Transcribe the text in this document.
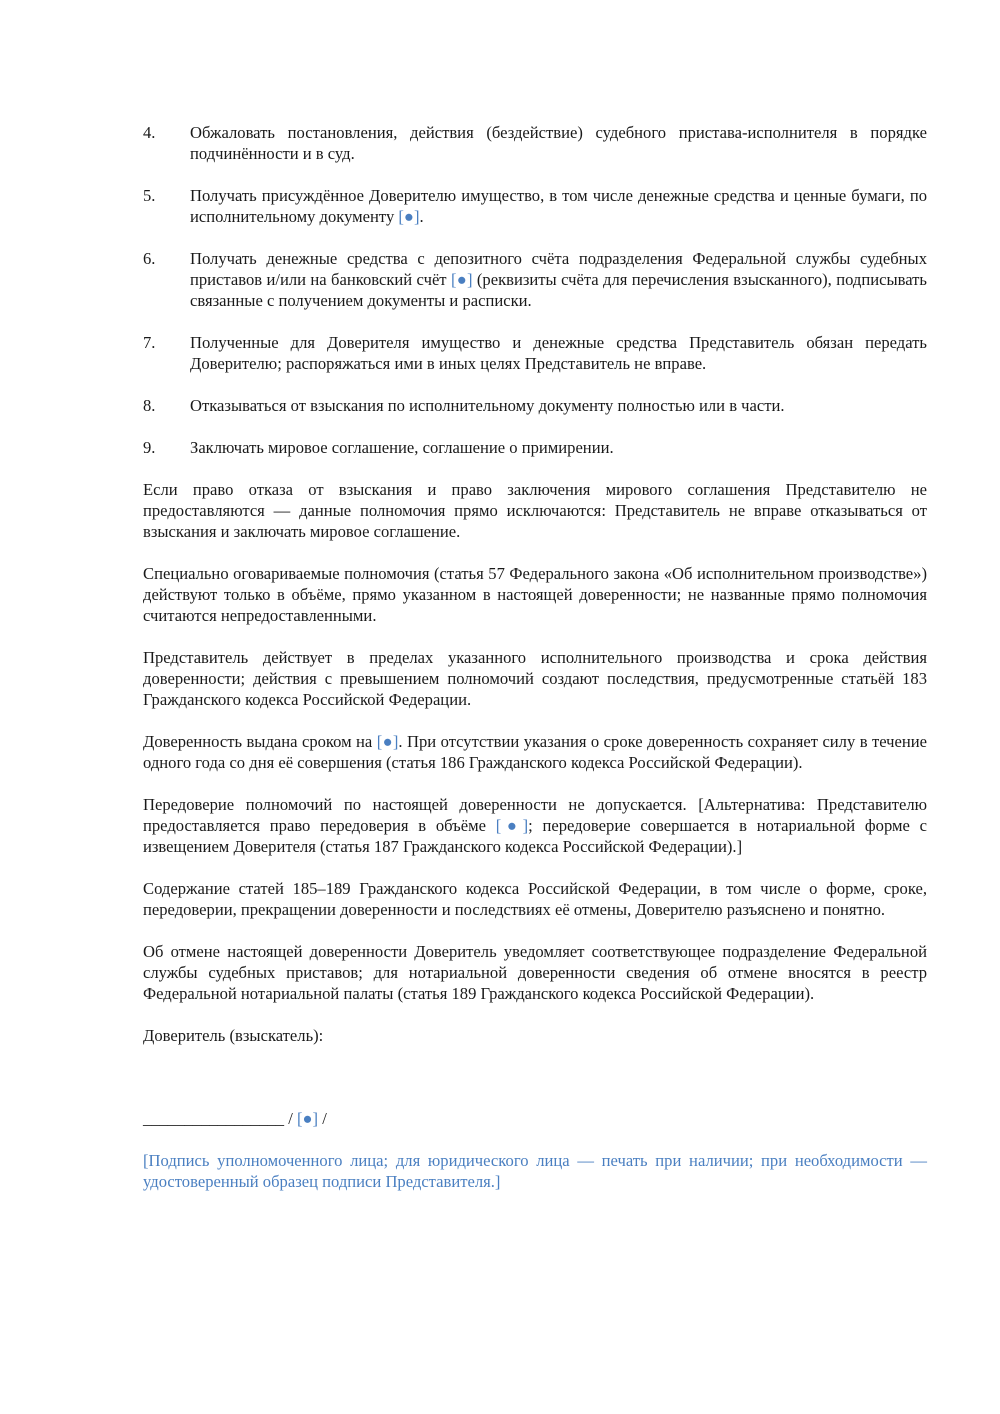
4.	Обжаловать постановления, действия (бездействие) судебного пристава-исполнителя в порядке подчинённости и в суд.
5.	Получать присуждённое Доверителю имущество, в том числе денежные средства и ценные бумаги, по исполнительному документу [●].
6.	Получать денежные средства с депозитного счёта подразделения Федеральной службы судебных приставов и/или на банковский счёт [●] (реквизиты счёта для перечисления взысканного), подписывать связанные с получением документы и расписки.
7.	Полученные для Доверителя имущество и денежные средства Представитель обязан передать Доверителю; распоряжаться ими в иных целях Представитель не вправе.
8.	Отказываться от взыскания по исполнительному документу полностью или в части.
9.	Заключать мировое соглашение, соглашение о примирении.

Если право отказа от взыскания и право заключения мирового соглашения Представителю не предоставляются — данные полномочия прямо исключаются: Представитель не вправе отказываться от взыскания и заключать мировое соглашение.

Специально оговариваемые полномочия (статья 57 Федерального закона «Об исполнительном производстве») действуют только в объёме, прямо указанном в настоящей доверенности; не названные прямо полномочия считаются непредоставленными.

Представитель действует в пределах указанного исполнительного производства и срока действия доверенности; действия с превышением полномочий создают последствия, предусмотренные статьёй 183 Гражданского кодекса Российской Федерации.

Доверенность выдана сроком на [●]. При отсутствии указания о сроке доверенность сохраняет силу в течение одного года со дня её совершения (статья 186 Гражданского кодекса Российской Федерации).

Передоверие полномочий по настоящей доверенности не допускается. [Альтернатива: Представителю предоставляется право передоверия в объёме [●]; передоверие совершается в нотариальной форме с извещением Доверителя (статья 187 Гражданского кодекса Российской Федерации).]

Содержание статей 185–189 Гражданского кодекса Российской Федерации, в том числе о форме, сроке, передоверии, прекращении доверенности и последствиях её отмены, Доверителю разъяснено и понятно.

Об отмене настоящей доверенности Доверитель уведомляет соответствующее подразделение Федеральной службы судебных приставов; для нотариальной доверенности сведения об отмене вносятся в реестр Федеральной нотариальной палаты (статья 189 Гражданского кодекса Российской Федерации).

Доверитель (взыскатель):

_________________ / [●] /

[Подпись уполномоченного лица; для юридического лица — печать при наличии; при необходимости — удостоверенный образец подписи Представителя.]
